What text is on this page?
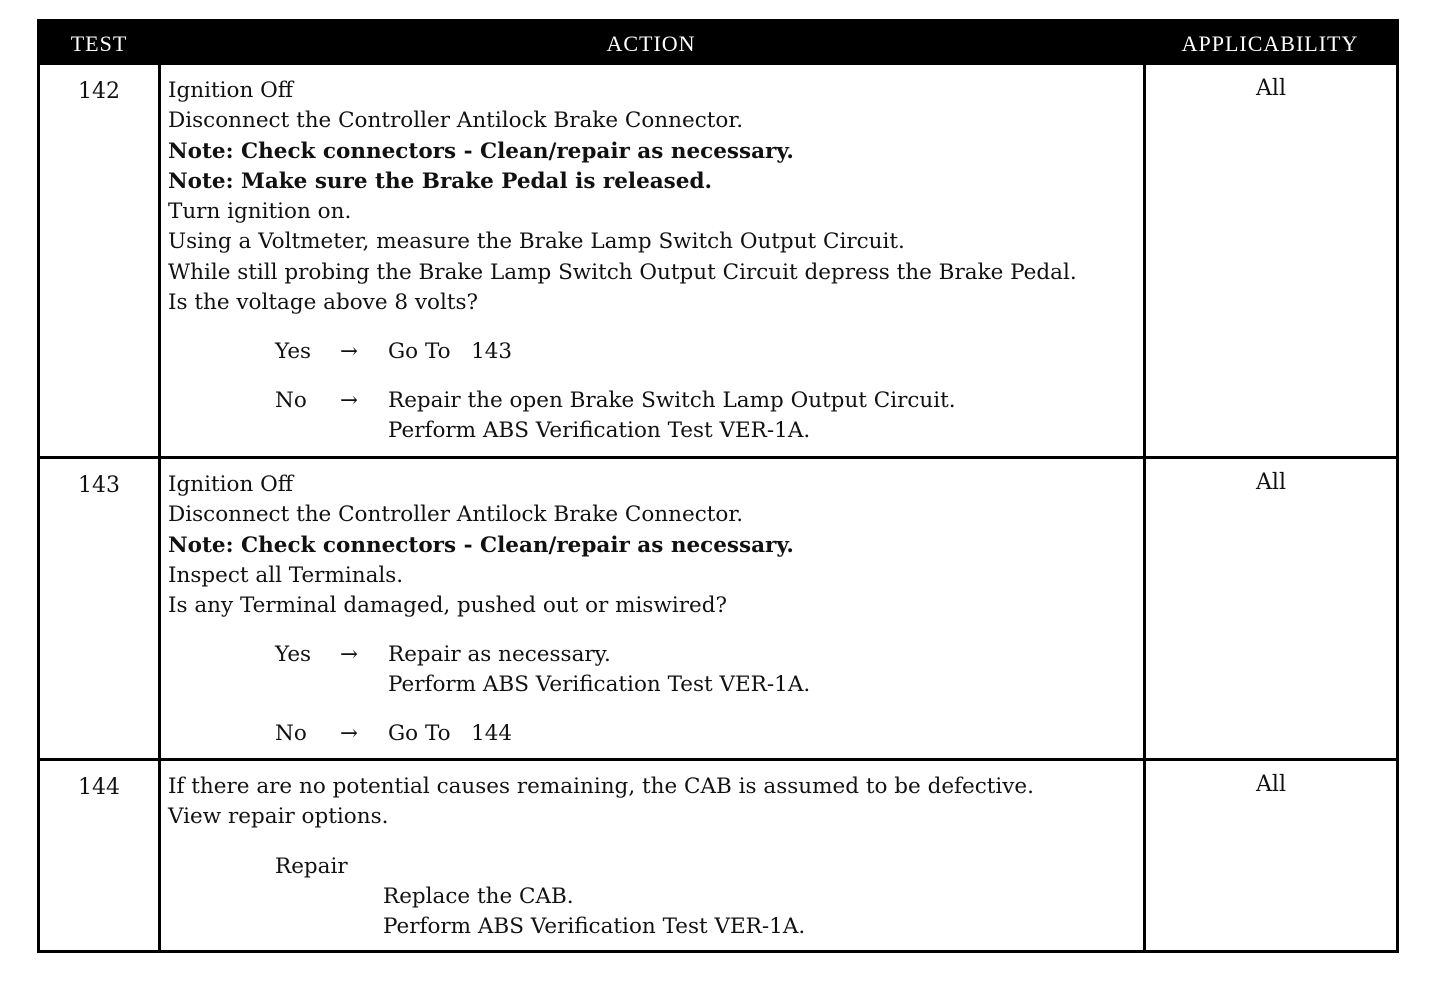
TEST	ACTION	APPLICABILITY
142	Ignition Off
Disconnect the Controller Antilock Brake Connector.
Note: Check connectors - Clean/repair as necessary.
Note: Make sure the Brake Pedal is released.
Turn ignition on.
Using a Voltmeter, measure the Brake Lamp Switch Output Circuit.
While still probing the Brake Lamp Switch Output Circuit depress the Brake Pedal.
Is the voltage above 8 volts?
Yes → Go To   143
No → Repair the open Brake Switch Lamp Output Circuit.
Perform ABS Verification Test VER-1A.
All
143	Ignition Off
Disconnect the Controller Antilock Brake Connector.
Note: Check connectors - Clean/repair as necessary.
Inspect all Terminals.
Is any Terminal damaged, pushed out or miswired?
Yes → Repair as necessary.
Perform ABS Verification Test VER-1A.
No → Go To   144
All
144	If there are no potential causes remaining, the CAB is assumed to be defective.
View repair options.
Repair
Replace the CAB.
Perform ABS Verification Test VER-1A.
All
